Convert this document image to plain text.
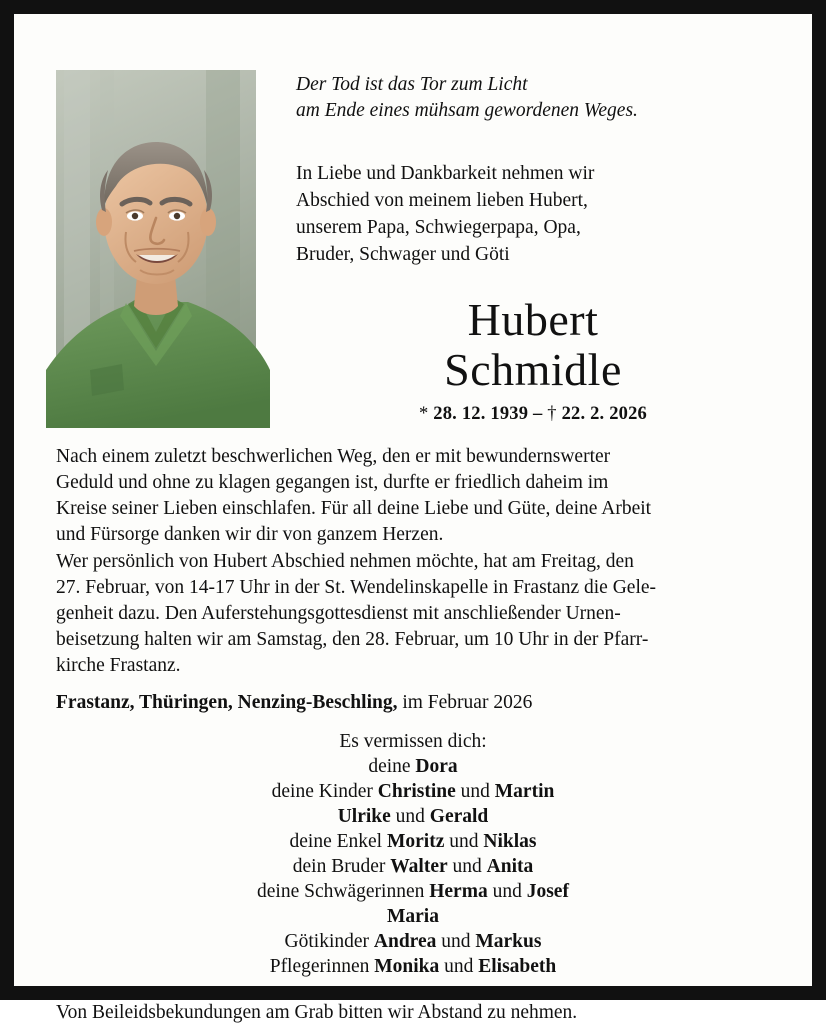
Der Tod ist das Tor zum Licht
am Ende eines mühsam gewordenen Weges.
In Liebe und Dankbarkeit nehmen wir
Abschied von meinem lieben Hubert,
unserem Papa, Schwiegerpapa, Opa,
Bruder, Schwager und Göti
Hubert
Schmidle
* 28. 12. 1939 – † 22. 2. 2026

Nach einem zuletzt beschwerlichen Weg, den er mit bewundernswerter
Geduld und ohne zu klagen gegangen ist, durfte er friedlich daheim im
Kreise seiner Lieben einschlafen. Für all deine Liebe und Güte, deine Arbeit
und Fürsorge danken wir dir von ganzem Herzen.
Wer persönlich von Hubert Abschied nehmen möchte, hat am Freitag, den
27. Februar, von 14-17 Uhr in der St. Wendelinskapelle in Frastanz die Gele-
genheit dazu. Den Auferstehungsgottesdienst mit anschließender Urnen-
beisetzung halten wir am Samstag, den 28. Februar, um 10 Uhr in der Pfarr-
kirche Frastanz.

Frastanz, Thüringen, Nenzing-Beschling, im Februar 2026
Es vermissen dich:
deine Dora
deine Kinder Christine und Martin
Ulrike und Gerald
deine Enkel Moritz und Niklas
dein Bruder Walter und Anita
deine Schwägerinnen Herma und Josef
Maria
Götikinder Andrea und Markus
Pflegerinnen Monika und Elisabeth
Von Beileidsbekundungen am Grab bitten wir Abstand zu nehmen.
